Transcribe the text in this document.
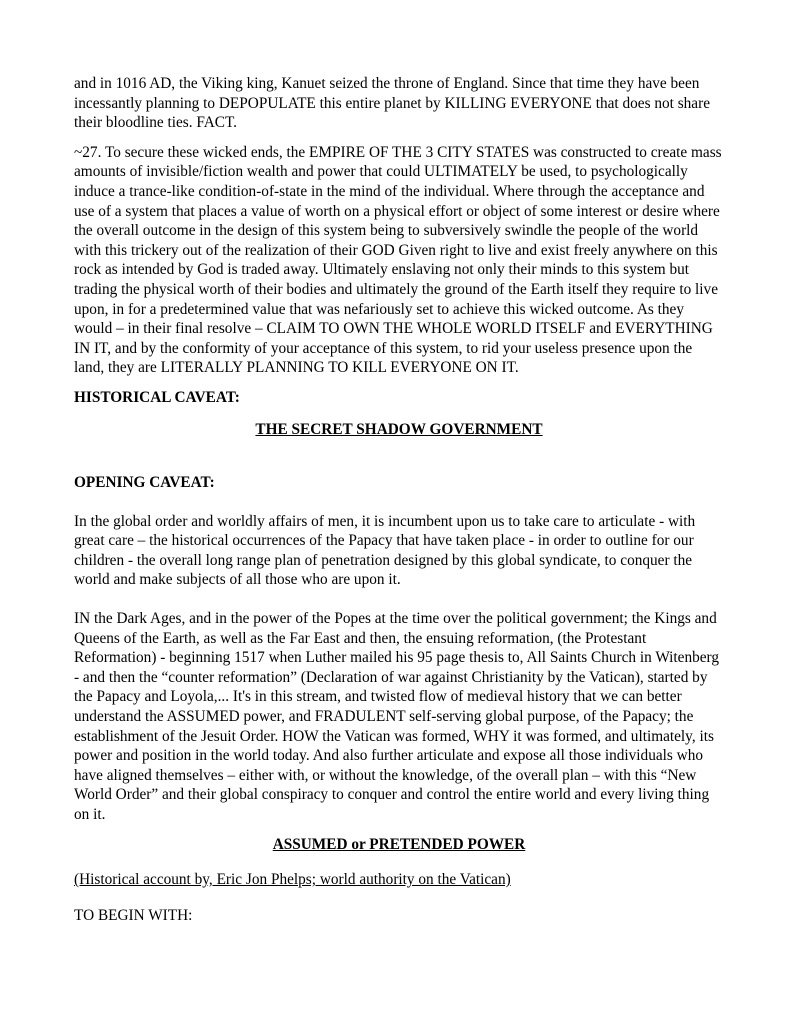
and in 1016 AD, the Viking king, Kanuet seized the throne of England. Since that time they have been incessantly planning to DEPOPULATE this entire planet by KILLING EVERYONE that does not share their bloodline ties. FACT.

~27. To secure these wicked ends, the EMPIRE OF THE 3 CITY STATES was constructed to create mass amounts of invisible/fiction wealth and power that could ULTIMATELY be used, to psychologically induce a trance-like condition-of-state in the mind of the individual. Where through the acceptance and use of a system that places a value of worth on a physical effort or object of some interest or desire where the overall outcome in the design of this system being to subversively swindle the people of the world with this trickery out of the realization of their GOD Given right to live and exist freely anywhere on this rock as intended by God is traded away. Ultimately enslaving not only their minds to this system but trading the physical worth of their bodies and ultimately the ground of the Earth itself they require to live upon, in for a predetermined value that was nefariously set to achieve this wicked outcome. As they would – in their final resolve – CLAIM TO OWN THE WHOLE WORLD ITSELF and EVERYTHING IN IT, and by the conformity of your acceptance of this system, to rid your useless presence upon the land, they are LITERALLY PLANNING TO KILL EVERYONE ON IT.

HISTORICAL CAVEAT:

THE SECRET SHADOW GOVERNMENT

OPENING CAVEAT:

In the global order and worldly affairs of men, it is incumbent upon us to take care to articulate - with great care – the historical occurrences of the Papacy that have taken place - in order to outline for our children - the overall long range plan of penetration designed by this global syndicate, to conquer the world and make subjects of all those who are upon it.

IN the Dark Ages, and in the power of the Popes at the time over the political government; the Kings and Queens of the Earth, as well as the Far East and then, the ensuing reformation, (the Protestant Reformation) - beginning 1517 when Luther mailed his 95 page thesis to, All Saints Church in Witenberg - and then the “counter reformation” (Declaration of war against Christianity by the Vatican), started by the Papacy and Loyola,... It's in this stream, and twisted flow of medieval history that we can better understand the ASSUMED power, and FRADULENT self-serving global purpose, of the Papacy; the establishment of the Jesuit Order. HOW the Vatican was formed, WHY it was formed, and ultimately, its power and position in the world today. And also further articulate and expose all those individuals who have aligned themselves – either with, or without the knowledge, of the overall plan – with this “New World Order” and their global conspiracy to conquer and control the entire world and every living thing on it.

ASSUMED or PRETENDED POWER

(Historical account by, Eric Jon Phelps; world authority on the Vatican)

TO BEGIN WITH:
